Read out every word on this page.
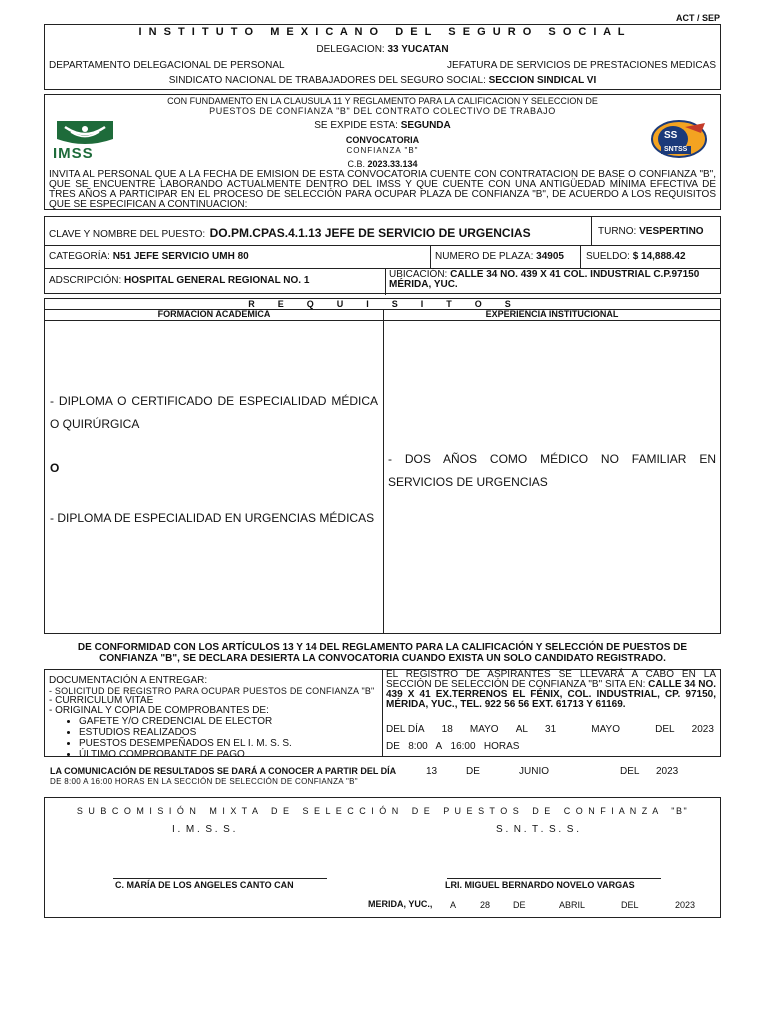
ACT / SEP
I N S T I T U T O   M E X I C A N O   D E L   S E G U R O   S O C I A L
DELEGACION: 33 YUCATAN
DEPARTAMENTO DELEGACIONAL DE PERSONAL	JEFATURA DE SERVICIOS DE PRESTACIONES MEDICAS
SINDICATO NACIONAL DE TRABAJADORES DEL SEGURO SOCIAL: SECCION SINDICAL VI
CON FUNDAMENTO EN LA CLAUSULA 11 Y REGLAMENTO PARA LA CALIFICACION Y SELECCION DE
PUESTOS DE CONFIANZA "B" DEL CONTRATO COLECTIVO DE TRABAJO
IMSS
SS
SNTSS
SE EXPIDE ESTA: SEGUNDA
CONVOCATORIA
CONFIANZA "B"
C.B. 2023.33.134
INVITA AL PERSONAL QUE A LA FECHA DE EMISION DE ESTA CONVOCATORIA CUENTE CON CONTRATACION DE BASE O CONFIANZA "B", QUE SE ENCUENTRE LABORANDO ACTUALMENTE DENTRO DEL IMSS Y QUE CUENTE CON UNA ANTIGÜEDAD MÍNIMA EFECTIVA DE TRES AÑOS A PARTICIPAR EN EL PROCESO DE SELECCIÓN PARA OCUPAR PLAZA DE CONFIANZA "B", DE ACUERDO A LOS REQUISITOS QUE SE ESPECIFICAN A CONTINUACION:
CLAVE Y NOMBRE DEL PUESTO: DO.PM.CPAS.4.1.13 JEFE DE SERVICIO DE URGENCIAS	TURNO: VESPERTINO
CATEGORÍA: N51 JEFE SERVICIO UMH 80	NUMERO DE PLAZA: 34905 SUELDO: $ 14,888.42
ADSCRIPCIÓN: HOSPITAL GENERAL REGIONAL NO. 1
UBICACIÓN: CALLE 34 NO. 439 X 41 COL. INDUSTRIAL C.P.97150 MÉRIDA, YUC.
R  E  Q  U  I  S  I  T  O  S
FORMACION ACADEMICA	EXPERIENCIA INSTITUCIONAL
- DIPLOMA O CERTIFICADO DE ESPECIALIDAD MÉDICA O QUIRÚRGICA
O
- DIPLOMA DE ESPECIALIDAD EN URGENCIAS MÉDICAS
- DOS AÑOS COMO MÉDICO NO FAMILIAR EN SERVICIOS DE URGENCIAS
DE CONFORMIDAD CON LOS ARTÍCULOS 13 Y 14 DEL REGLAMENTO PARA LA CALIFICACIÓN Y SELECCIÓN DE PUESTOS DE CONFIANZA "B", SE DECLARA DESIERTA LA CONVOCATORIA CUANDO EXISTA UN SOLO CANDIDATO REGISTRADO.
DOCUMENTACIÓN A ENTREGAR:
- SOLICITUD DE REGISTRO PARA OCUPAR PUESTOS DE CONFIANZA "B"
- CURRICULUM VITAE
- ORIGINAL Y COPIA DE COMPROBANTES DE:
• GAFETE Y/O CREDENCIAL DE ELECTOR
• ESTUDIOS REALIZADOS
• PUESTOS DESEMPEÑADOS EN EL I. M. S. S.
• ÚLTIMO COMPROBANTE DE PAGO
EL REGISTRO DE ASPIRANTES SE LLEVARÁ A CABO EN LA SECCIÓN DE SELECCIÓN DE CONFIANZA "B" SITA EN: CALLE 34 NO. 439 X 41 EX.TERRENOS EL FÉNIX, COL. INDUSTRIAL, CP. 97150, MÉRIDA, YUC., TEL. 922 56 56 EXT. 61713 Y 61169.
DEL DÍA 18 MAYO AL 31	MAYO	DEL 2023
DE 8:00 A 16:00 HORAS
LA COMUNICACIÓN DE RESULTADOS SE DARÁ A CONOCER A PARTIR DEL DÍA
DE 8:00 A 16:00 HORAS EN LA SECCIÓN DE SELECCIÓN DE CONFIANZA "B"
13	DE	JUNIO	DEL 2023
S U B C O M I S I Ó N   M I X T A   D E   S E L E C C I Ó N   D E   P U E S T O S   D E   C O N F I A N Z A   "B"
I .  M .  S .  S .	S .  N .  T .  S .  S .
C. MARÍA DE LOS ANGELES CANTO CAN	LRI. MIGUEL BERNARDO NOVELO VARGAS
MERIDA, YUC., A	28	DE	ABRIL	DEL	2023
